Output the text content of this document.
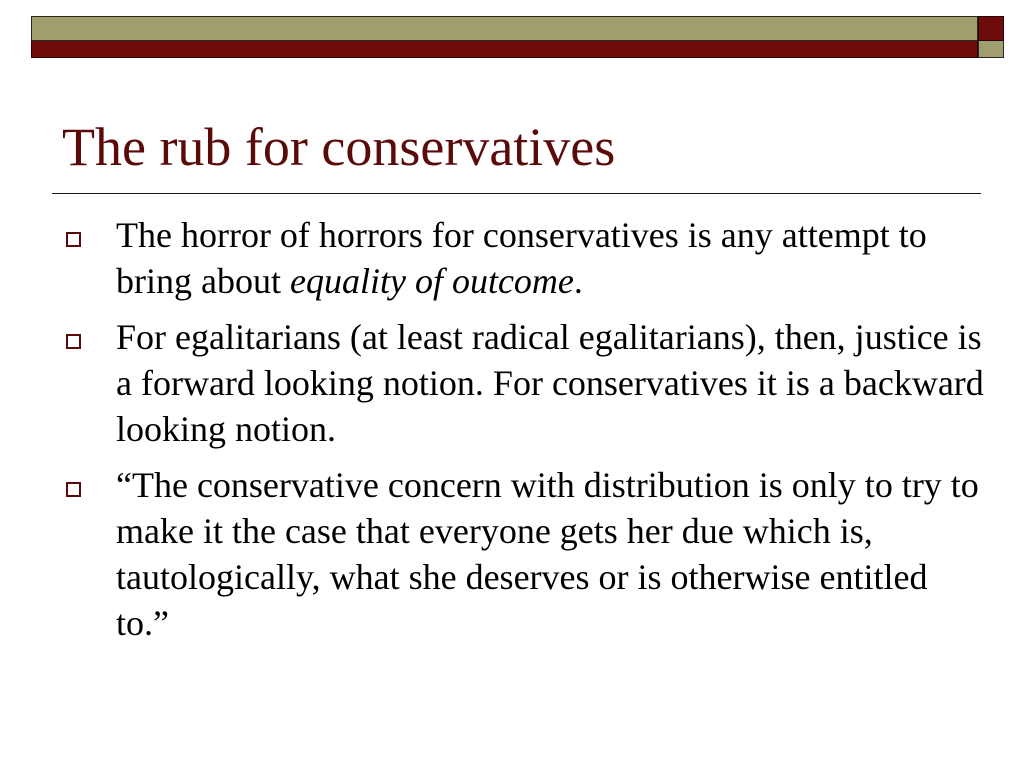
The rub for conservatives
The horror of horrors for conservatives is any attempt to bring about equality of outcome.
For egalitarians (at least radical egalitarians), then, justice is a forward looking notion. For conservatives it is a backward looking notion.
“The conservative concern with distribution is only to try to make it the case that everyone gets her due which is, tautologically, what she deserves or is otherwise entitled to.”
